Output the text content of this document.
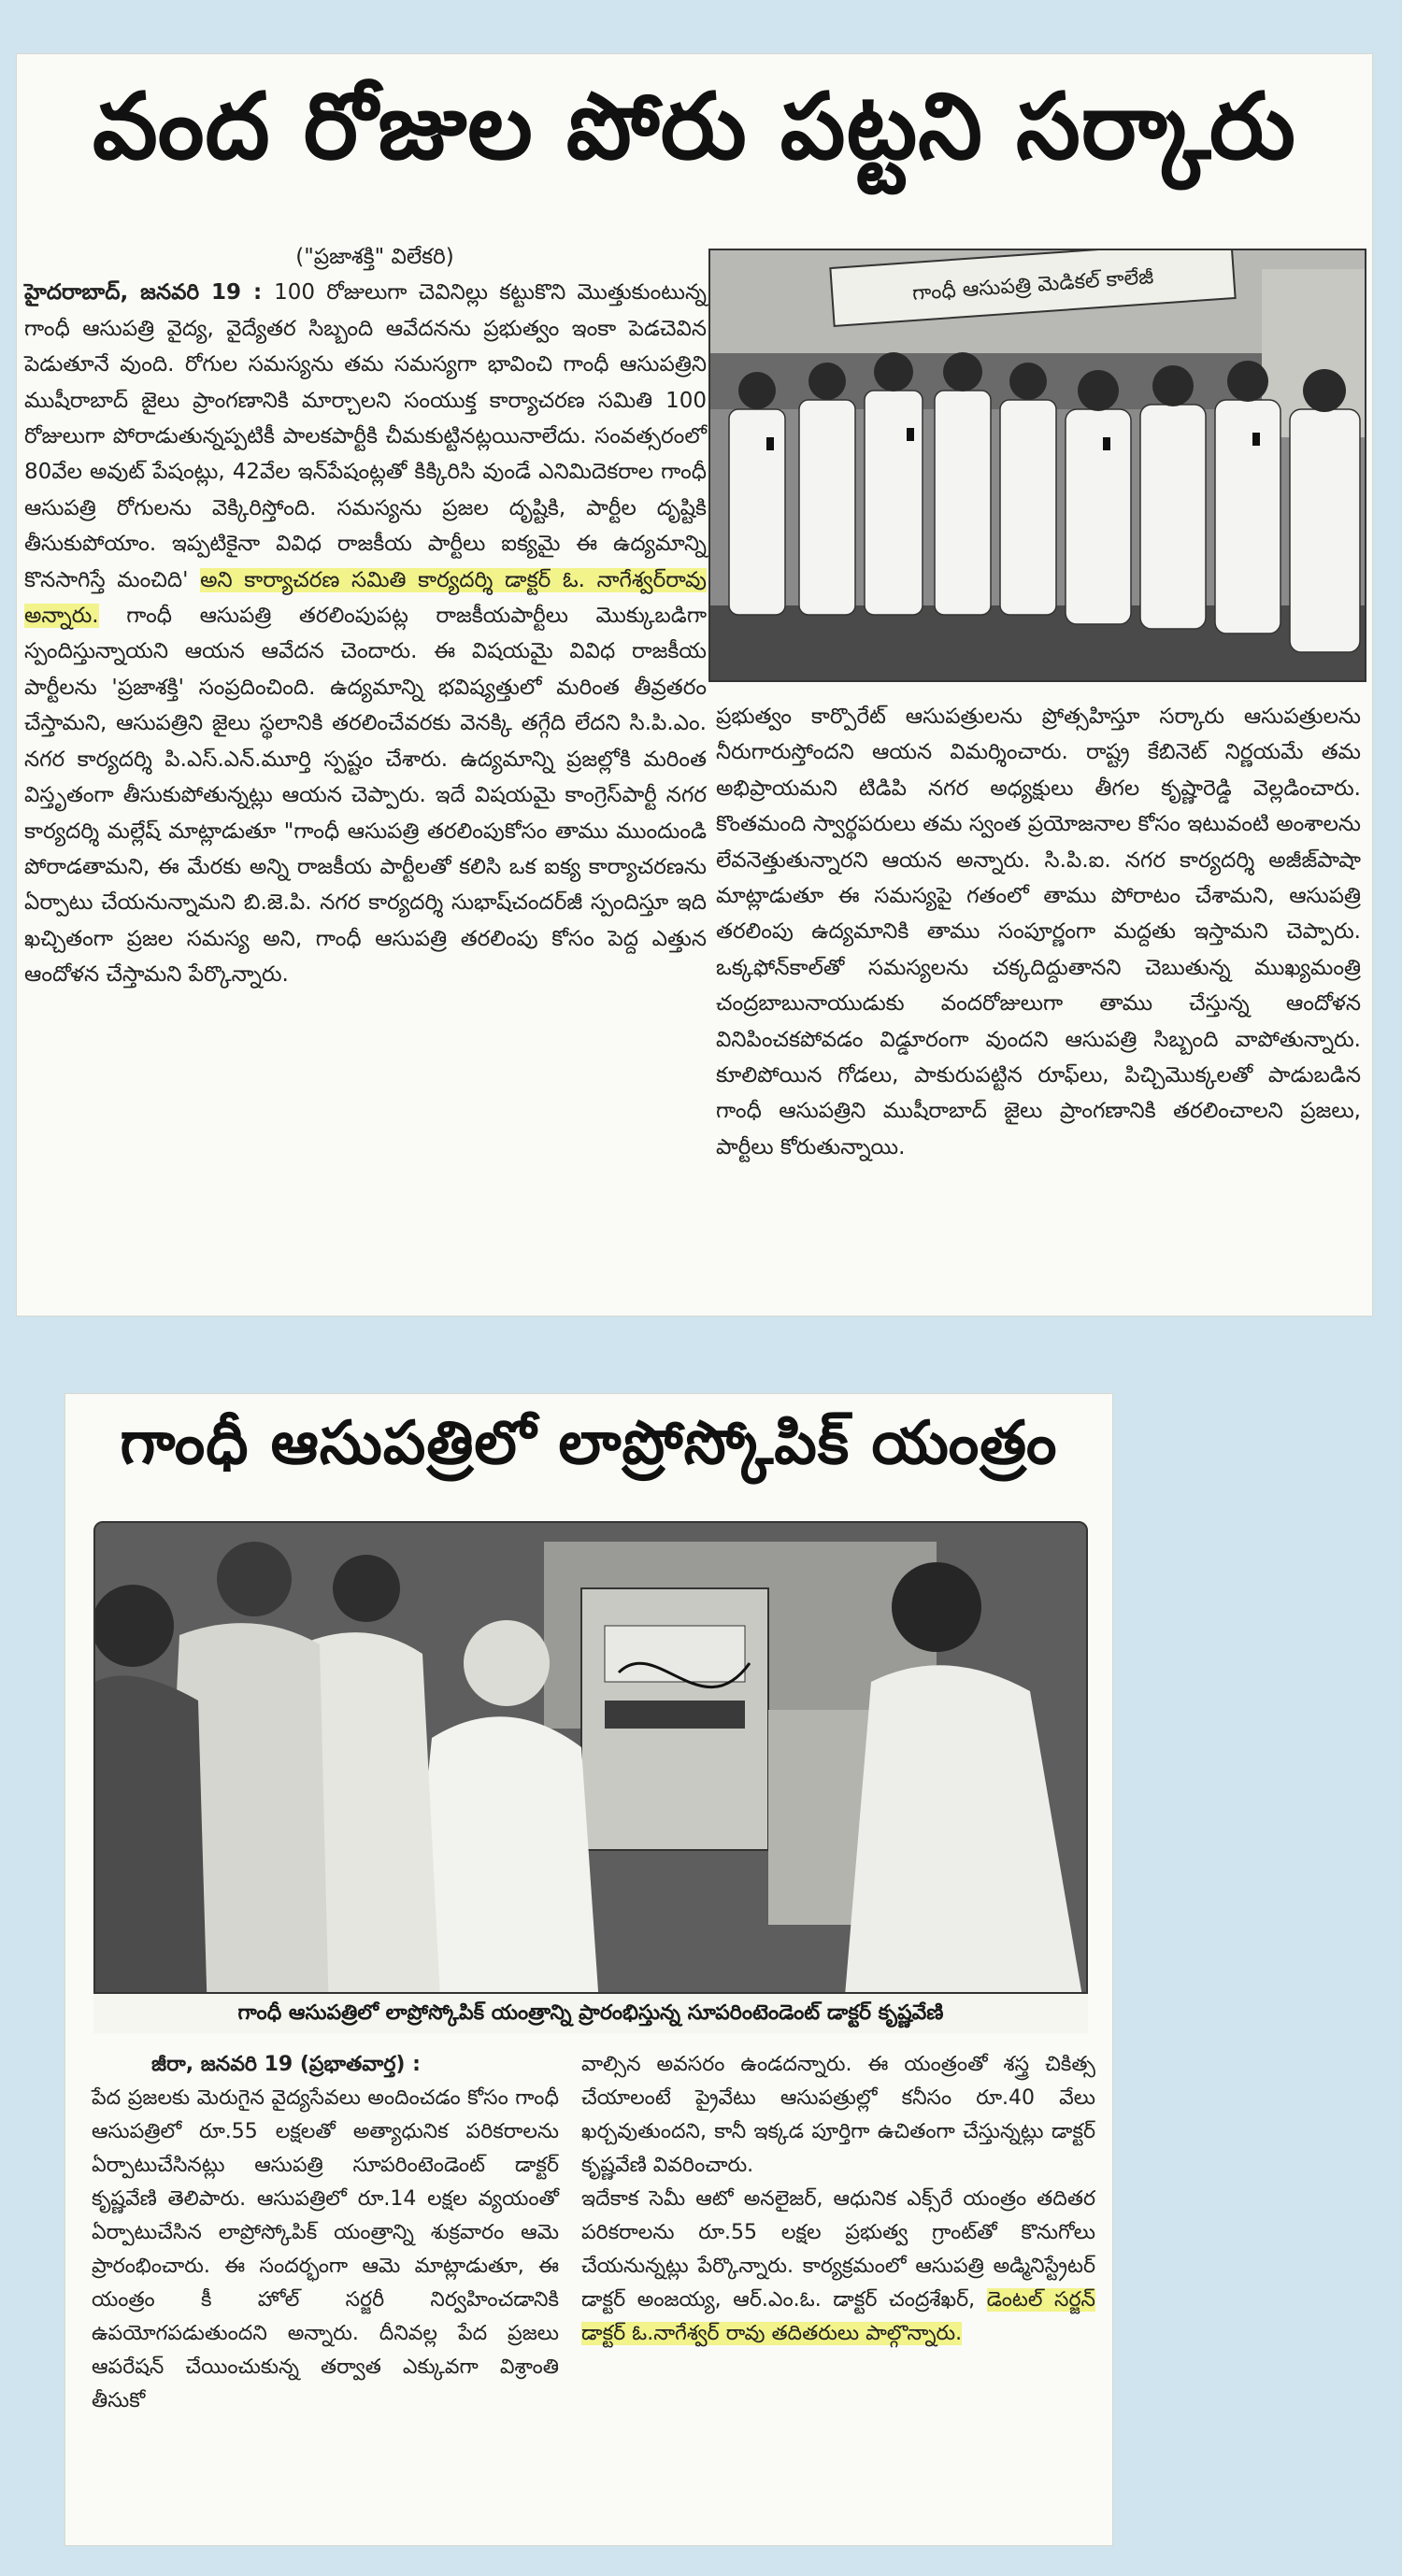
వంద రోజుల పోరు పట్టని సర్కారు
("ప్రజాశక్తి" విలేకరి)
హైదరాబాద్‌, జనవరి 19 : 100 రోజులుగా చెవినిల్లు కట్టుకొని మొత్తుకుంటున్న గాంధీ ఆసుపత్రి వైద్య, వైద్యేతర సిబ్బంది ఆవేదనను ప్రభుత్వం ఇంకా పెడచెవిన పెడుతూనే వుంది. రోగుల సమస్యను తమ సమస్యగా భావించి గాంధీ ఆసుపత్రిని ముషీరాబాద్‌ జైలు ప్రాంగణానికి మార్చాలని సంయుక్త కార్యాచరణ సమితి 100 రోజులుగా పోరాడుతున్నప్పటికీ పాలకపార్టీకి చీమకుట్టినట్లయినాలేదు. సంవత్సరంలో 80వేల అవుట్‌ పేషంట్లు, 42వేల ఇన్‌పేషంట్లతో కిక్కిరిసి వుండే ఎనిమిదెకరాల గాంధీ ఆసుపత్రి రోగులను వెక్కిరిస్తోంది. సమస్యను ప్రజల దృష్టికి, పార్టీల దృష్టికి తీసుకుపోయాం. ఇప్పటికైనా వివిధ రాజకీయ పార్టీలు ఐక్యమై ఈ ఉద్యమాన్ని కొనసాగిస్తే మంచిది' అని కార్యాచరణ సమితి కార్యదర్శి డాక్టర్‌ ఓ. నాగేశ్వర్‌రావు అన్నారు. గాంధీ ఆసుపత్రి తరలింపుపట్ల రాజకీయపార్టీలు మొక్కుబడిగా స్పందిస్తున్నాయని ఆయన ఆవేదన చెందారు. ఈ విషయమై వివిధ రాజకీయ పార్టీలను 'ప్రజాశక్తి' సంప్రదించింది. ఉద్యమాన్ని భవిష్యత్తులో మరింత తీవ్రతరం చేస్తామని, ఆసుపత్రిని జైలు స్థలానికి తరలించేవరకు వెనక్కి తగ్గేది లేదని సి.పి.ఎం. నగర కార్యదర్శి పి.ఎస్‌.ఎన్‌.మూర్తి స్పష్టం చేశారు. ఉద్యమాన్ని ప్రజల్లోకి మరింత విస్తృతంగా తీసుకుపోతున్నట్లు ఆయన చెప్పారు. ఇదే విషయమై కాంగ్రెస్‌పార్టీ నగర కార్యదర్శి మల్లేష్‌ మాట్లాడుతూ "గాంధీ ఆసుపత్రి తరలింపుకోసం తాము ముందుండి పోరాడతామని, ఈ మేరకు అన్ని రాజకీయ పార్టీలతో కలిసి ఒక ఐక్య కార్యాచరణను ఏర్పాటు చేయనున్నామని బి.జె.పి. నగర కార్యదర్శి సుభాష్‌చందర్‌జీ స్పందిస్తూ ఇది ఖచ్చితంగా ప్రజల సమస్య అని, గాంధీ ఆసుపత్రి తరలింపు కోసం పెద్ద ఎత్తున ఆందోళన చేస్తామని పేర్కొన్నారు.
గాంధీ ఆసుపత్రి మెడికల్‌ కాలేజీ
ప్రభుత్వం కార్పొరేట్‌ ఆసుపత్రులను ప్రోత్సహిస్తూ సర్కారు ఆసుపత్రులను నీరుగారుస్తోందని ఆయన విమర్శించారు. రాష్ట్ర కేబినెట్‌ నిర్ణయమే తమ అభిప్రాయమని టిడిపి నగర అధ్యక్షులు తీగల కృష్ణారెడ్డి వెల్లడించారు. కొంతమంది స్వార్థపరులు తమ స్వంత ప్రయోజనాల కోసం ఇటువంటి అంశాలను లేవనెత్తుతున్నారని ఆయన అన్నారు. సి.పి.ఐ. నగర కార్యదర్శి అజీజ్‌పాషా మాట్లాడుతూ ఈ సమస్యపై గతంలో తాము పోరాటం చేశామని, ఆసుపత్రి తరలింపు ఉద్యమానికి తాము సంపూర్ణంగా మద్దతు ఇస్తామని చెప్పారు. ఒక్కఫోన్‌కాల్‌తో సమస్యలను చక్కదిద్దుతానని చెబుతున్న ముఖ్యమంత్రి చంద్రబాబునాయుడుకు వందరోజులుగా తాము చేస్తున్న ఆందోళన వినిపించకపోవడం విడ్డూరంగా వుందని ఆసుపత్రి సిబ్బంది వాపోతున్నారు. కూలిపోయిన గోడలు, పాకురుపట్టిన రూఫ్‌లు, పిచ్చిమొక్కలతో పాడుబడిన గాంధీ ఆసుపత్రిని ముషీరాబాద్‌ జైలు ప్రాంగణానికి తరలించాలని ప్రజలు, పార్టీలు కోరుతున్నాయి.
గాంధీ ఆసుపత్రిలో లాప్రోస్కోపిక్‌ యంత్రం

గాంధీ ఆసుపత్రిలో లాప్రోస్కోపిక్‌ యంత్రాన్ని ప్రారంభిస్తున్న సూపరింటెండెంట్‌ డాక్టర్‌ కృష్ణవేణి

జీరా, జనవరి 19 (ప్రభాతవార్త) :
పేద ప్రజలకు మెరుగైన వైద్యసేవలు అందించడం కోసం గాంధీ ఆసుపత్రిలో రూ.55 లక్షలతో అత్యాధునిక పరికరాలను ఏర్పాటుచేసినట్లు ఆసుపత్రి సూపరింటెండెంట్‌ డాక్టర్‌ కృష్ణవేణి తెలిపారు. ఆసుపత్రిలో రూ.14 లక్షల వ్యయంతో ఏర్పాటుచేసిన లాప్రోస్కోపిక్‌ యంత్రాన్ని శుక్రవారం ఆమె ప్రారంభించారు. ఈ సందర్భంగా ఆమె మాట్లాడుతూ, ఈ యంత్రం కీ హోల్‌ సర్జరీ నిర్వహించడానికి ఉపయోగపడుతుందని అన్నారు. దీనివల్ల పేద ప్రజలు ఆపరేషన్‌ చేయించుకున్న తర్వాత ఎక్కువగా విశ్రాంతి తీసుకో
వాల్సిన అవసరం ఉండదన్నారు. ఈ యంత్రంతో శస్త్ర చికిత్స చేయాలంటే ప్రైవేటు ఆసుపత్రుల్లో కనీసం రూ.40 వేలు ఖర్చవుతుందని, కానీ ఇక్కడ పూర్తిగా ఉచితంగా చేస్తున్నట్లు డాక్టర్‌ కృష్ణవేణి వివరించారు.
ఇదేకాక సెమీ ఆటో అనలైజర్‌, ఆధునిక ఎక్స్‌రే యంత్రం తదితర పరికరాలను రూ.55 లక్షల ప్రభుత్వ గ్రాంట్‌తో కొనుగోలు చేయనున్నట్లు పేర్కొన్నారు. కార్యక్రమంలో ఆసుపత్రి అడ్మినిస్ట్రేటర్‌ డాక్టర్‌ అంజయ్య, ఆర్‌.ఎం.ఓ. డాక్టర్‌ చంద్రశేఖర్‌, డెంటల్‌ సర్జన్‌ డాక్టర్‌ ఓ.నాగేశ్వర్‌ రావు తదితరులు పాల్గొన్నారు.
